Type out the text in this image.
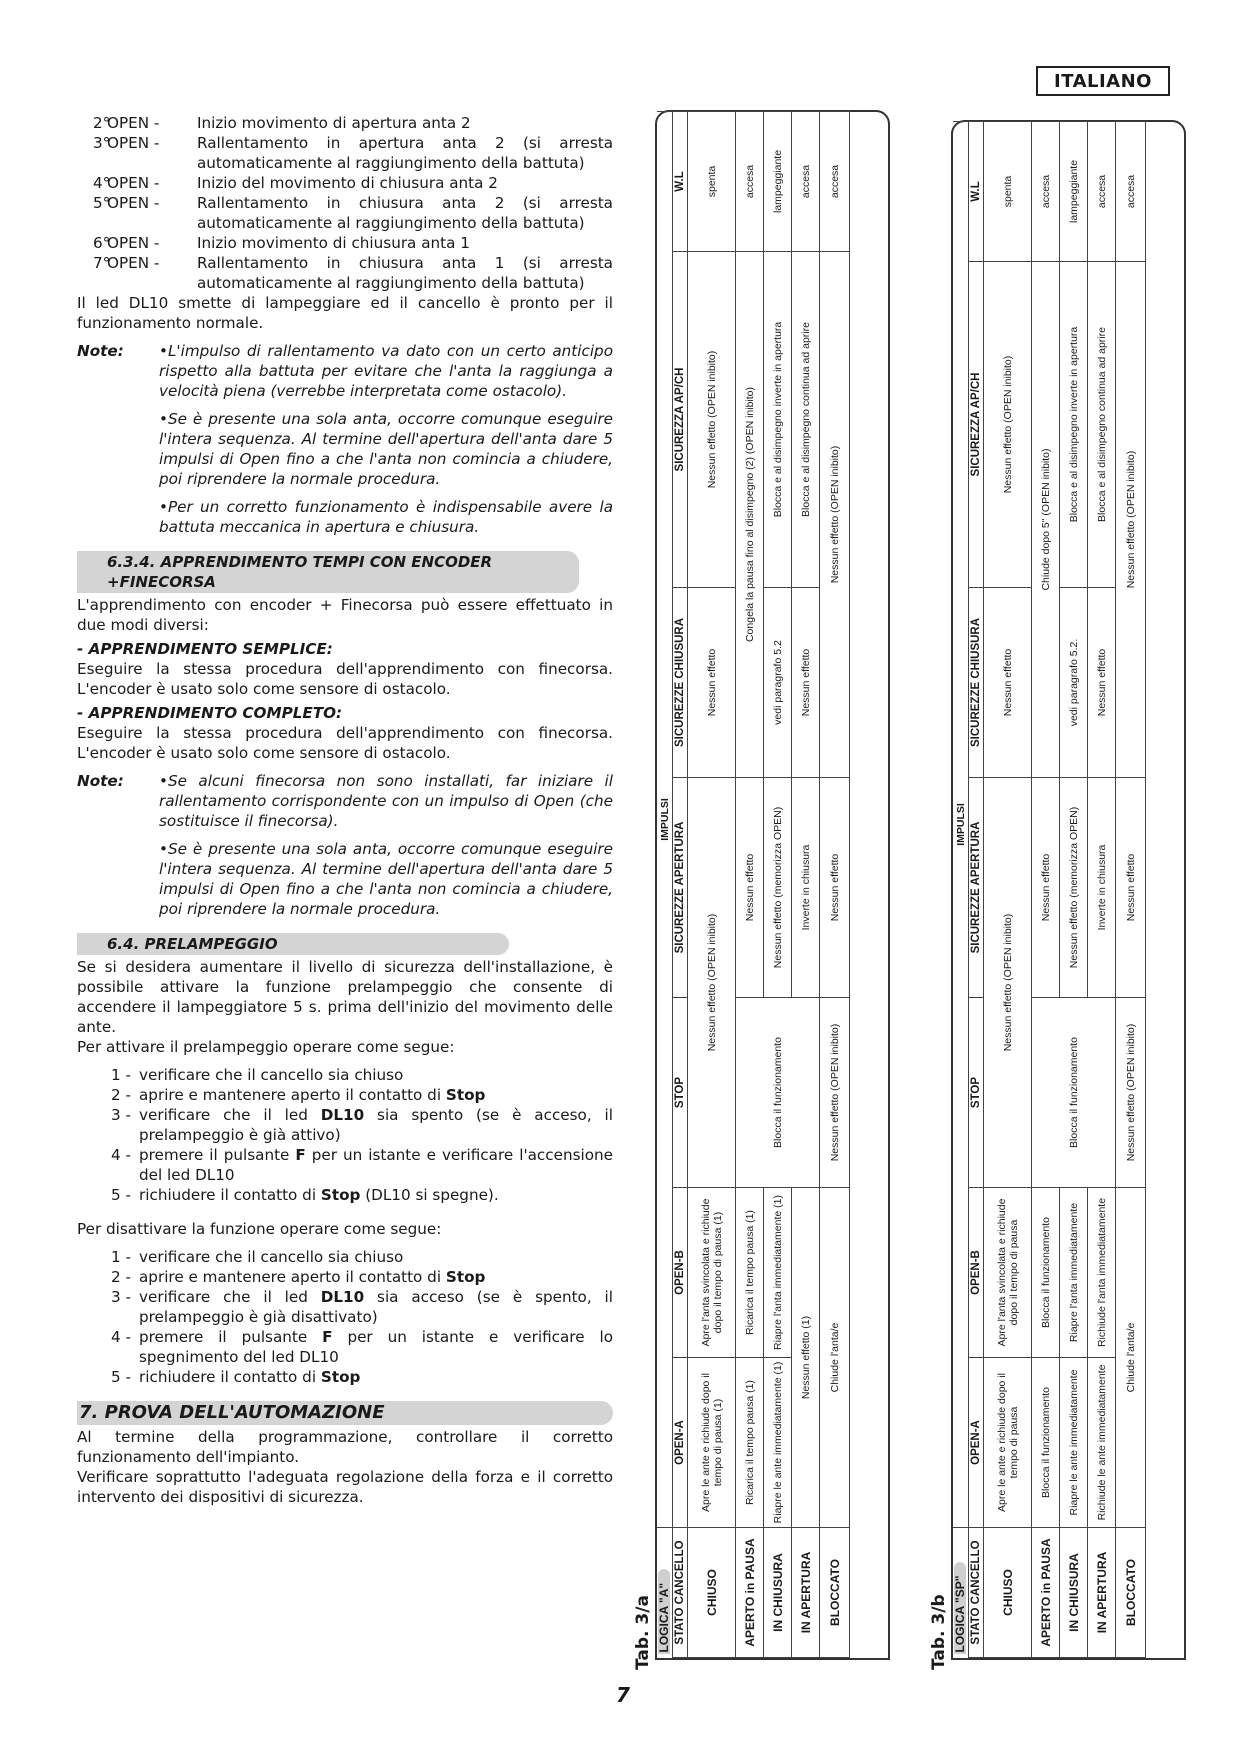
ITALIANO
2°
OPEN -	Inizio movimento di apertura anta 2
3°
OPEN -	Rallentamento in apertura anta 2 (si arresta automaticamente al raggiungimento della battuta)
4°
OPEN -	Inizio del movimento di chiusura anta 2
5°
OPEN -	Rallentamento in chiusura anta 2 (si arresta automaticamente al raggiungimento della battuta)
6°
OPEN -	Inizio movimento di chiusura anta 1
7°
OPEN -	Rallentamento in chiusura anta 1 (si arresta automaticamente al raggiungimento della battuta)

Il led DL10 smette di lampeggiare ed il cancello è pronto per il funzionamento normale.

Note:	•L'impulso di rallentamento va dato con un certo anticipo rispetto alla battuta per evitare che l'anta la raggiunga a velocità piena (verrebbe interpretata come ostacolo).

•Se è presente una sola anta, occorre comunque eseguire l'intera sequenza. Al termine dell'apertura dell'anta dare 5 impulsi di Open fino a che l'anta non comincia a chiudere, poi riprendere la normale procedura.

•Per un corretto funzionamento è indispensabile avere la battuta meccanica in apertura e chiusura.

6.3.4. APPRENDIMENTO TEMPI CON ENCODER +FINECORSA

L'apprendimento con encoder + Finecorsa può essere effettuato in due modi diversi:

- APPRENDIMENTO SEMPLICE:

Eseguire la stessa procedura dell'apprendimento con finecorsa. L'encoder è usato solo come sensore di ostacolo.

- APPRENDIMENTO COMPLETO:

Eseguire la stessa procedura dell'apprendimento con finecorsa. L'encoder è usato solo come sensore di ostacolo.

Note:	•Se alcuni finecorsa non sono installati, far iniziare il rallentamento corrispondente con un impulso di Open (che sostituisce il finecorsa).

•Se è presente una sola anta, occorre comunque eseguire l'intera sequenza. Al termine dell'apertura dell'anta dare 5 impulsi di Open fino a che l'anta non comincia a chiudere, poi riprendere la normale procedura.

6.4. PRELAMPEGGIO

Se si desidera aumentare il livello di sicurezza dell'installazione, è possibile attivare la funzione prelampeggio che consente di accendere il lampeggiatore 5 s. prima dell'inizio del movimento delle ante.

Per attivare il prelampeggio operare come segue:

1 - verificare che il cancello sia chiuso
2 - aprire e mantenere aperto il contatto di Stop
3 - verificare che il led DL10 sia spento (se è acceso, il prelampeggio è già attivo)
4 - premere il pulsante F per un istante e verificare l'accensione del led DL10
5 - richiudere il contatto di Stop (DL10 si spegne).

Per disattivare la funzione operare come segue:

1 - verificare che il cancello sia chiuso
2 - aprire e mantenere aperto il contatto di Stop
3 - verificare che il led DL10 sia acceso (se è spento, il prelampeggio è già disattivato)
4 - premere il pulsante F per un istante e verificare lo spegnimento del led DL10
5 - richiudere il contatto di Stop
7. PROVA DELL'AUTOMAZIONE

Al termine della programmazione, controllare il corretto funzionamento dell'impianto.

Verificare soprattutto l'adeguata regolazione della forza e il corretto intervento dei dispositivi di sicurezza.

7
Tab. 3/a LOGICA "A"	IMPULSI						
STATO CANCELLO	OPEN-A	OPEN-B	STOP	SICUREZZE APERTURA	SICUREZZE CHIUSURA	SICUREZZA AP/CH	W.L
CHIUSO	Apre le ante e richiude dopo il tempo di pausa (1)	Apre l'anta svincolata e richiude dopo il tempo di pausa (1)	Nessun effetto (OPEN inibito)		Nessun effetto	Nessun effetto (OPEN inibito)	spenta
APERTO in PAUSA	Ricarica il tempo pausa (1)	Ricarica il tempo pausa (1)	Blocca il funzionamento	Nessun effetto	Congela la pausa fino al disimpegno (2) (OPEN inibito)		accesa
IN CHIUSURA	Riapre le ante immediatamente (1)	Riapre l'anta immediatamente (1)		Nessun effetto (memorizza OPEN)	vedi paragrafo 5.2	Blocca e al disimpegno inverte in apertura	lampeggiante
IN APERTURA	Nessun effetto (1)			Inverte in chiusura	Nessun effetto	Blocca e al disimpegno continua ad aprire	accesa
BLOCCATO	Chiude l'anta/e		Nessun effetto (OPEN inibito)	Nessun effetto	Nessun effetto (OPEN inibito)		accesa
Tab. 3/b LOGICA "SP"	IMPULSI						
STATO CANCELLO	OPEN-A	OPEN-B	STOP	SICUREZZE APERTURA	SICUREZZE CHIUSURA	SICUREZZA AP/CH	W.L
CHIUSO	Apre le ante e richiude dopo il tempo di pausa	Apre l'anta svincolata e richiude dopo il tempo di pausa	Nessun effetto (OPEN inibito)		Nessun effetto	Nessun effetto (OPEN inibito)	spenta
APERTO in PAUSA	Blocca il funzionamento	Blocca il funzionamento	Blocca il funzionamento	Nessun effetto	Chiude dopo 5" (OPEN inibito)		accesa
IN CHIUSURA	Riapre le ante immediatamente	Riapre l'anta immediatamente		Nessun effetto (memorizza OPEN)	vedi paragrafo 5.2.	Blocca e al disimpegno inverte in apertura	lampeggiante
IN APERTURA	Richiude le ante immediatamente	Richiude l'anta immediatamente		Inverte in chiusura	Nessun effetto	Blocca e al disimpegno continua ad aprire	accesa
BLOCCATO	Chiude l'anta/e		Nessun effetto (OPEN inibito)	Nessun effetto	Nessun effetto (OPEN inibito)		accesa
